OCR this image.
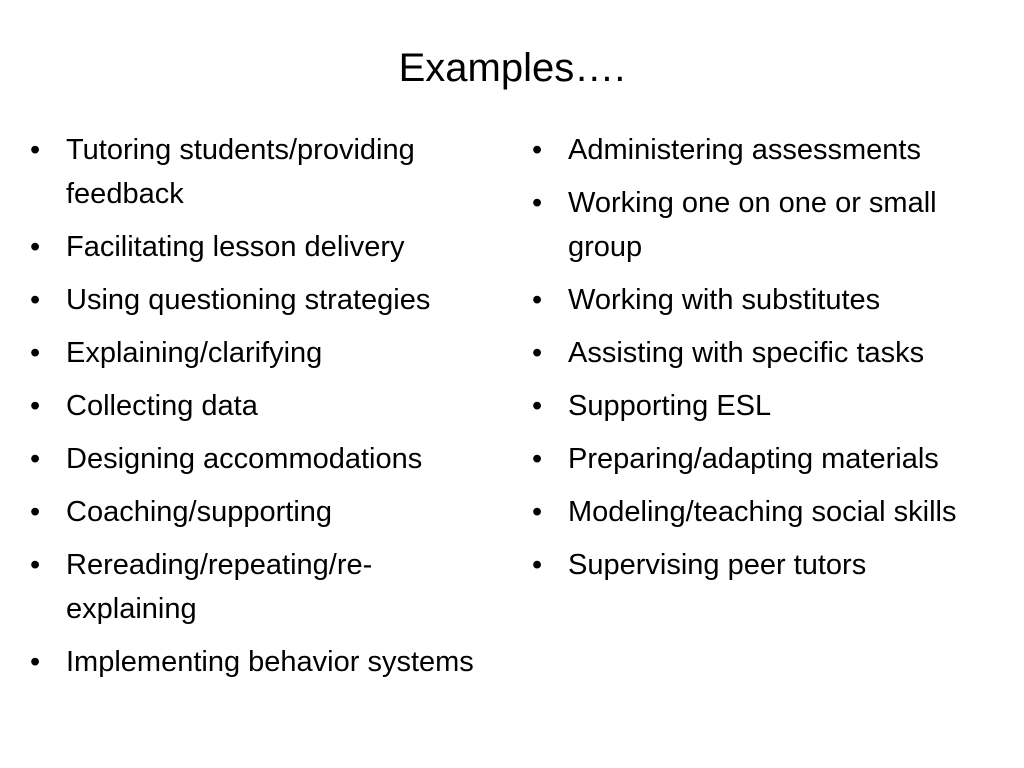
Examples….
• Tutoring students/providing feedback
• Facilitating lesson delivery
• Using questioning strategies
• Explaining/clarifying
• Collecting data
• Designing accommodations
• Coaching/supporting
• Rereading/repeating/re-explaining
• Implementing behavior systems
• Administering assessments
• Working one on one or small group
• Working with substitutes
• Assisting with specific tasks
• Supporting ESL
• Preparing/adapting materials
• Modeling/teaching social skills
• Supervising peer tutors
